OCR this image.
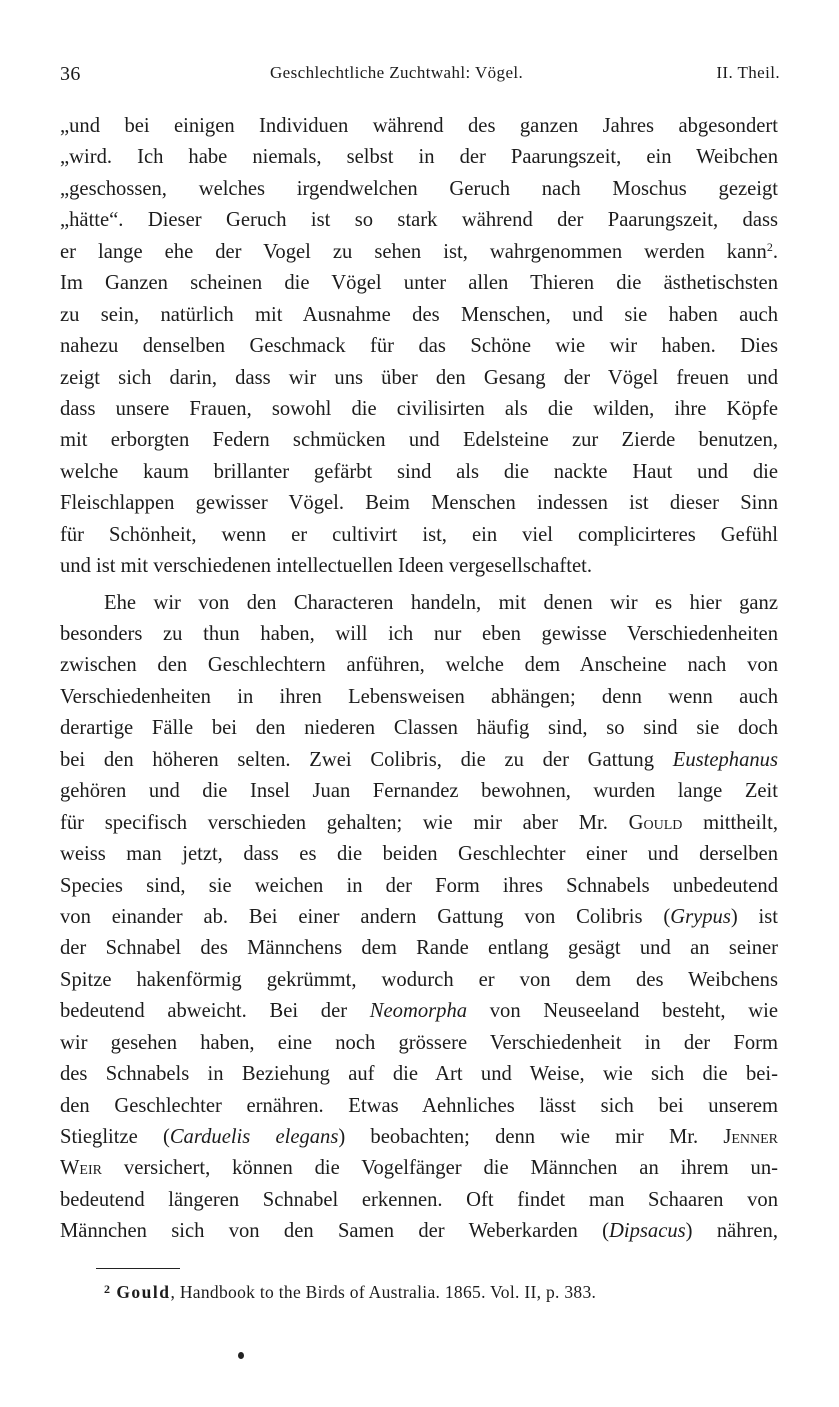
36	Geschlechtliche Zuchtwahl: Vögel.	II. Theil.
„und bei einigen Individuen während des ganzen Jahres abgesondert
„wird. Ich habe niemals, selbst in der Paarungszeit, ein Weibchen
„geschossen, welches irgendwelchen Geruch nach Moschus gezeigt
„hätte“. Dieser Geruch ist so stark während der Paarungszeit, dass
er lange ehe der Vogel zu sehen ist, wahrgenommen werden kann$^2$.
Im Ganzen scheinen die Vögel unter allen Thieren die ästhetischsten
zu sein, natürlich mit Ausnahme des Menschen, und sie haben auch
nahezu denselben Geschmack für das Schöne wie wir haben. Dies
zeigt sich darin, dass wir uns über den Gesang der Vögel freuen und
dass unsere Frauen, sowohl die civilisirten als die wilden, ihre Köpfe
mit erborgten Federn schmücken und Edelsteine zur Zierde benutzen,
welche kaum brillanter gefärbt sind als die nackte Haut und die
Fleischlappen gewisser Vögel. Beim Menschen indessen ist dieser Sinn
für Schönheit, wenn er cultivirt ist, ein viel complicirteres Gefühl
und ist mit verschiedenen intellectuellen Ideen vergesellschaftet.
Ehe wir von den Characteren handeln, mit denen wir es hier ganz
besonders zu thun haben, will ich nur eben gewisse Verschiedenheiten
zwischen den Geschlechtern anführen, welche dem Anscheine nach von
Verschiedenheiten in ihren Lebensweisen abhängen; denn wenn auch
derartige Fälle bei den niederen Classen häufig sind, so sind sie doch
bei den höheren selten. Zwei Colibris, die zu der Gattung Eustephanus
gehören und die Insel Juan Fernandez bewohnen, wurden lange Zeit
für specifisch verschieden gehalten; wie mir aber Mr. Gould mittheilt,
weiss man jetzt, dass es die beiden Geschlechter einer und derselben
Species sind, sie weichen in der Form ihres Schnabels unbedeutend
von einander ab. Bei einer andern Gattung von Colibris (Grypus) ist
der Schnabel des Männchens dem Rande entlang gesägt und an seiner
Spitze hakenförmig gekrümmt, wodurch er von dem des Weibchens
bedeutend abweicht. Bei der Neomorpha von Neuseeland besteht, wie
wir gesehen haben, eine noch grössere Verschiedenheit in der Form
des Schnabels in Beziehung auf die Art und Weise, wie sich die bei-
den Geschlechter ernähren. Etwas Aehnliches lässt sich bei unserem
Stieglitze (Carduelis elegans) beobachten; denn wie mir Mr. Jenner
Weir versichert, können die Vogelfänger die Männchen an ihrem un-
bedeutend längeren Schnabel erkennen. Oft findet man Schaaren von
Männchen sich von den Samen der Weberkarden (Dipsacus) nähren,
$^2$ Gould, Handbook to the Birds of Australia. 1865. Vol. II, p. 383.
